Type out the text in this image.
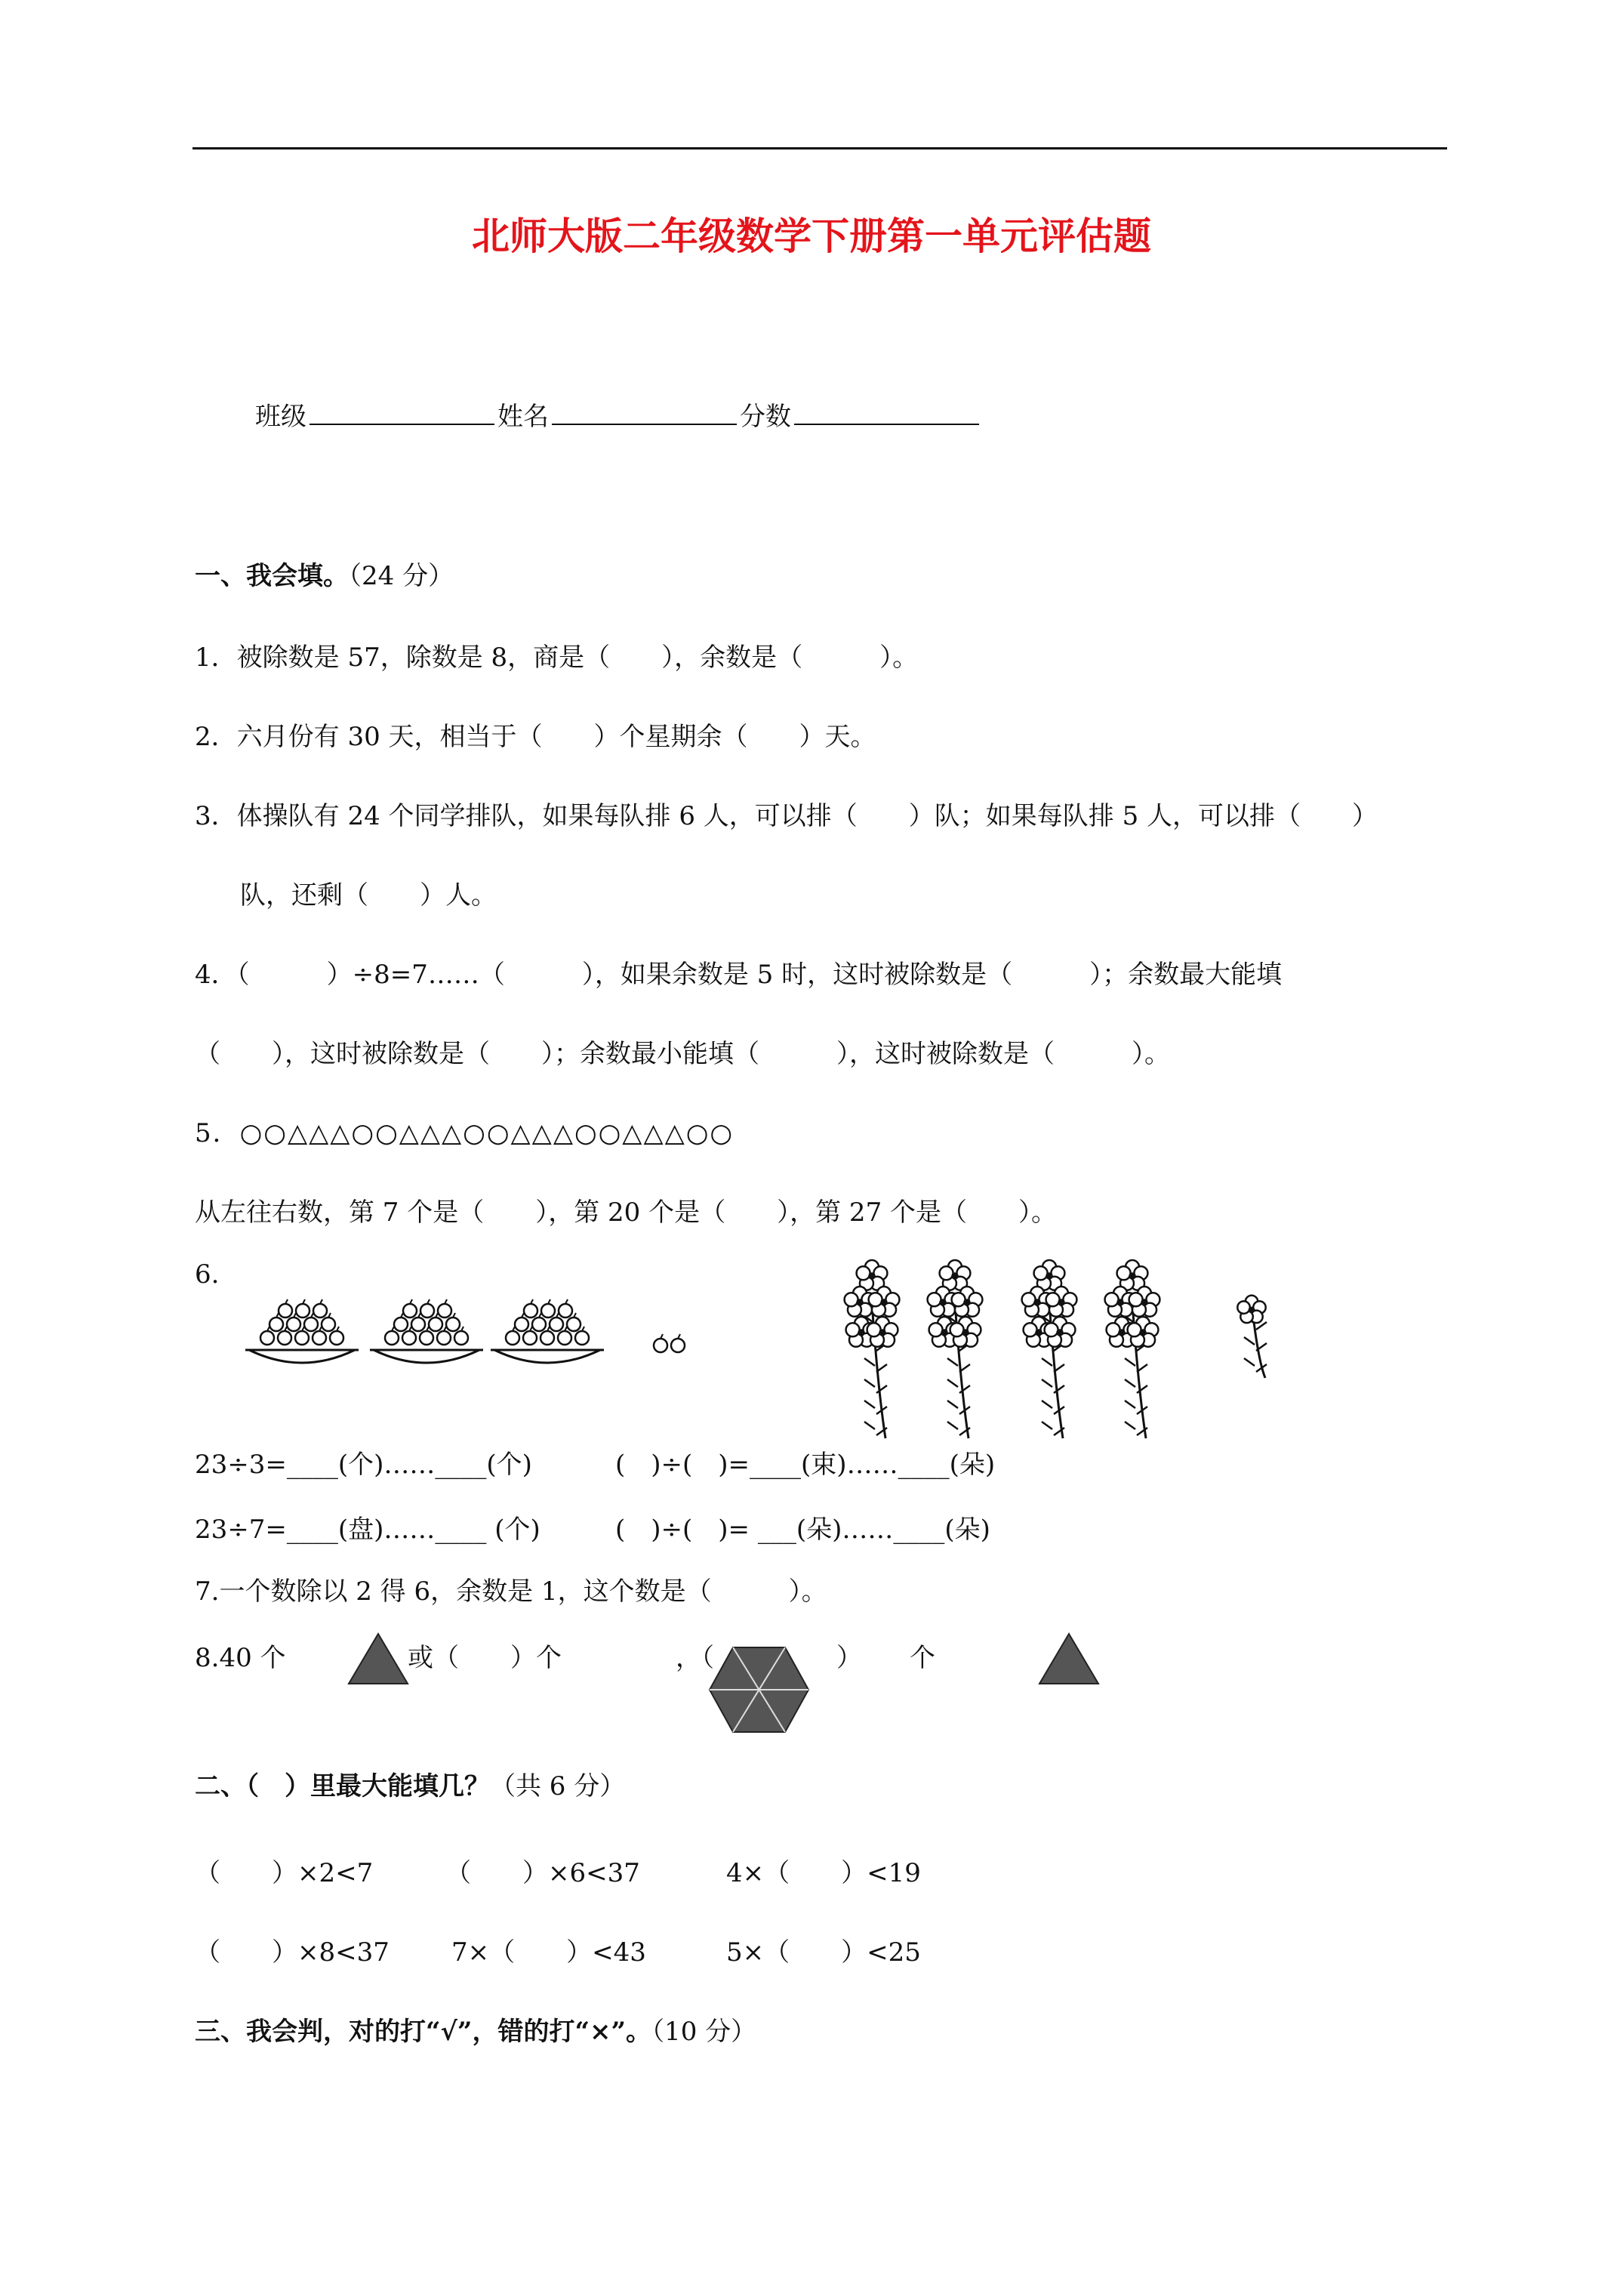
北师大版二年级数学下册第一单元评估题
班级	姓名	分数
一、我会填。（24 分）
1．被除数是 57，除数是 8，商是（　　），余数是（　　　）。
2．六月份有 30 天，相当于（　　）个星期余（　　）天。
3．体操队有 24 个同学排队，如果每队排 6 人，可以排（　　）队；如果每队排 5 人，可以排（　　）
队，还剩（　　）人。
4．（　　　）÷8=7……（　　　），如果余数是 5 时，这时被除数是（　　　）；余数最大能填
（　　），这时被除数是（　　）；余数最小能填（　　　），这时被除数是（　　　）。
5．○○△△△○○△△△○○△△△○○△△△○○
从左往右数，第 7 个是（　　），第 20 个是（　　），第 27 个是（　　）。
6.
23÷3=____(个)……____(个)	(　)÷(　)=____(束)……____(朵)
23÷7=____(盘)……____ (个)	(　)÷(　)= ___(朵)……____(朵)
7.一个数除以 2 得 6，余数是 1，这个数是（　　　）。
8.40 个	或（　　）个	，（	） 个
二、（　）里最大能填几？（共 6 分）
（　　）×2<7	（　　）×6<37	4×（　　）<19
（　　）×8<37 7×（　　）<43	5×（　　）<25
三、我会判，对的打“√”，错的打“×”。（10 分）
